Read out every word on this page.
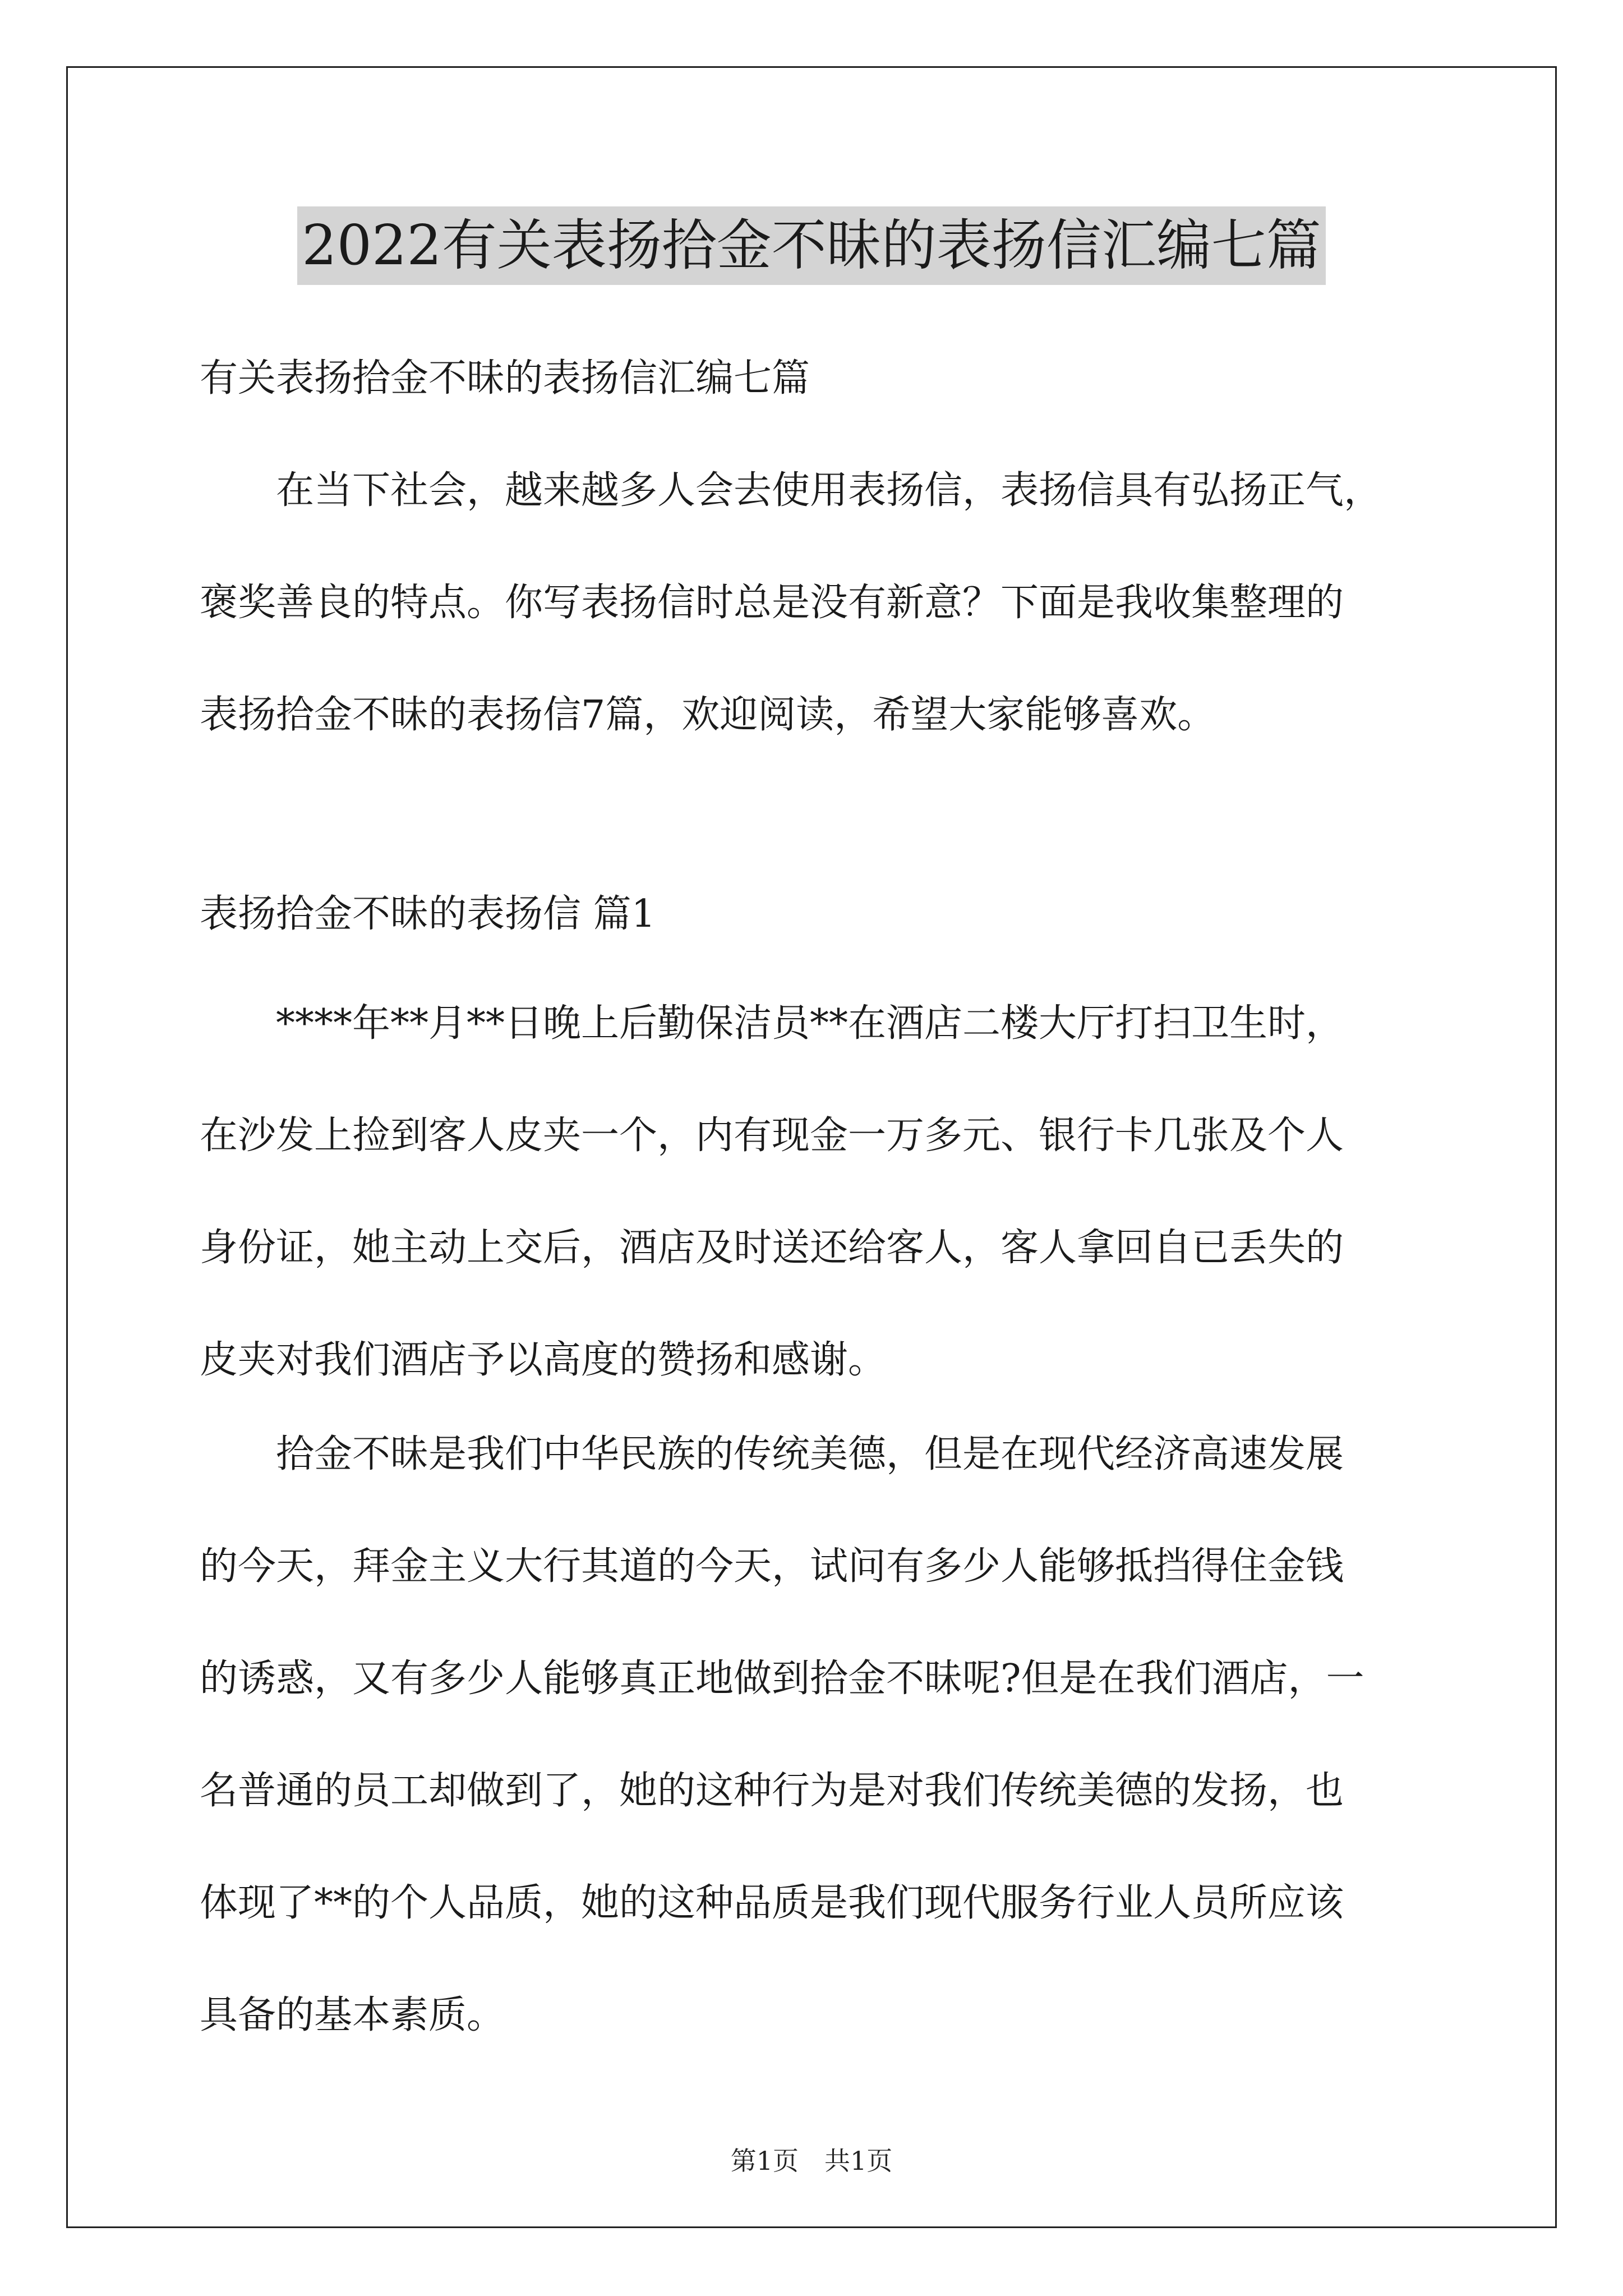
2022有关表扬拾金不昧的表扬信汇编七篇
有关表扬拾金不昧的表扬信汇编七篇
　　在当下社会，越来越多人会去使用表扬信，表扬信具有弘扬正气，
褒奖善良的特点。你写表扬信时总是没有新意？下面是我收集整理的
表扬拾金不昧的表扬信7篇，欢迎阅读，希望大家能够喜欢。
表扬拾金不昧的表扬信 篇1
　　****年**月**日晚上后勤保洁员**在酒店二楼大厅打扫卫生时，
在沙发上捡到客人皮夹一个，内有现金一万多元、银行卡几张及个人
身份证，她主动上交后，酒店及时送还给客人，客人拿回自已丢失的
皮夹对我们酒店予以高度的赞扬和感谢。
　　拾金不昧是我们中华民族的传统美德，但是在现代经济高速发展
的今天，拜金主义大行其道的今天，试问有多少人能够抵挡得住金钱
的诱惑，又有多少人能够真正地做到拾金不昧呢?但是在我们酒店，一
名普通的员工却做到了，她的这种行为是对我们传统美德的发扬，也
体现了**的个人品质，她的这种品质是我们现代服务行业人员所应该
具备的基本素质。
第1页　共1页
